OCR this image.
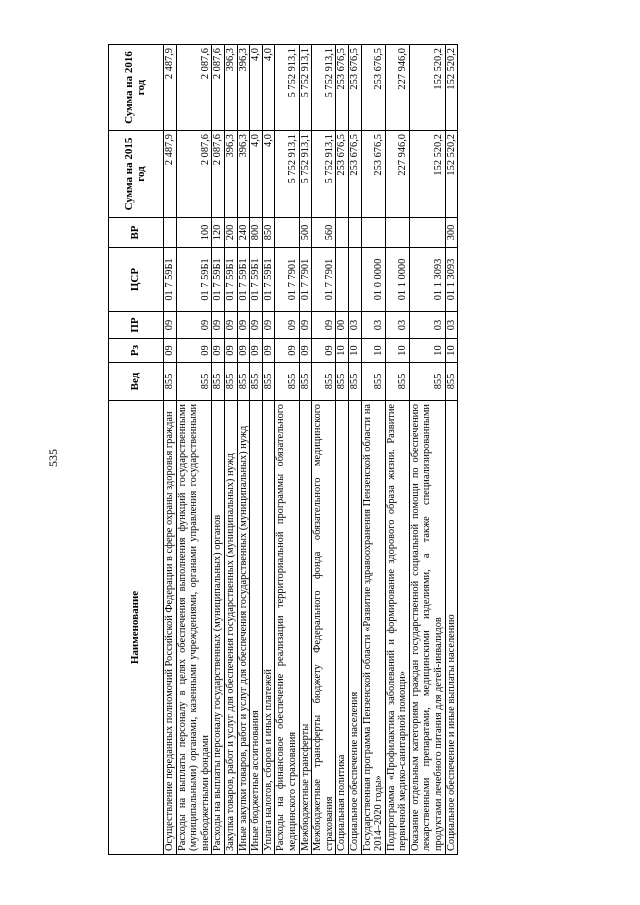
535
Наименование	Вед	Рз	ПР	ЦСР	ВР	Сумма на 2015 год	Сумма на 2016 год
Осуществление переданных полномочий Российской Федерации в сфере охраны здоровья граждан	855	09	09	01 7 59Б1		2 487,9	2 487,9
Расходы на выплаты персоналу в целях обеспечения выполнения функций государственными (муниципальными) органами, казенными учреждениями, органами управления государственными внебюджетными фондами	855	09	09	01 7 59Б1	100	2 087,6	2 087,6
Расходы на выплаты персоналу государственных (муниципальных) органов	855	09	09	01 7 59Б1	120	2 087,6	2 087,6
Закупка товаров, работ и услуг для обеспечения государственных (муниципальных) нужд	855	09	09	01 7 59Б1	200	396,3	396,3
Иные закупки товаров, работ и услуг для обеспечения государственных (муниципальных) нужд	855	09	09	01 7 59Б1	240	396,3	396,3
Иные бюджетные ассигнования	855	09	09	01 7 59Б1	800	4,0	4,0
Уплата налогов, сборов и иных платежей	855	09	09	01 7 59Б1	850	4,0	4,0
Расходы на финансовое обеспечение реализации территориальной программы обязательного медицинского страхования	855	09	09	01 7 7901		5 752 913,1	5 752 913,1
Межбюджетные трансферты	855	09	09	01 7 7901	500	5 752 913,1	5 752 913,1
Межбюджетные трансферты бюджету Федерального фонда обязательного медицинского страхования	855	09	09	01 7 7901	560	5 752 913,1	5 752 913,1
Социальная политика	855	10	00			253 676,5	253 676,5
Социальное обеспечение населения	855	10	03			253 676,5	253 676,5
Государственная программа Пензенской области «Развитие здравоохранения Пензенской области на 2014–2020 годы»	855	10	03	01 0 0000		253 676,5	253 676,5
Подпрограмма «Профилактика заболеваний и формирование здорового образа жизни. Развитие первичной медико-санитарной помощи»	855	10	03	01 1 0000		227 946,0	227 946,0
Оказание отдельным категориям граждан государственной социальной помощи по обеспечению лекарственными препаратами, медицинскими изделиями, а также специализированными продуктами лечебного питания для детей-инвалидов	855	10	03	01 1 3093		152 520,2	152 520,2
Социальное обеспечение и иные выплаты населению	855	10	03	01 1 3093	300	152 520,2	152 520,2
